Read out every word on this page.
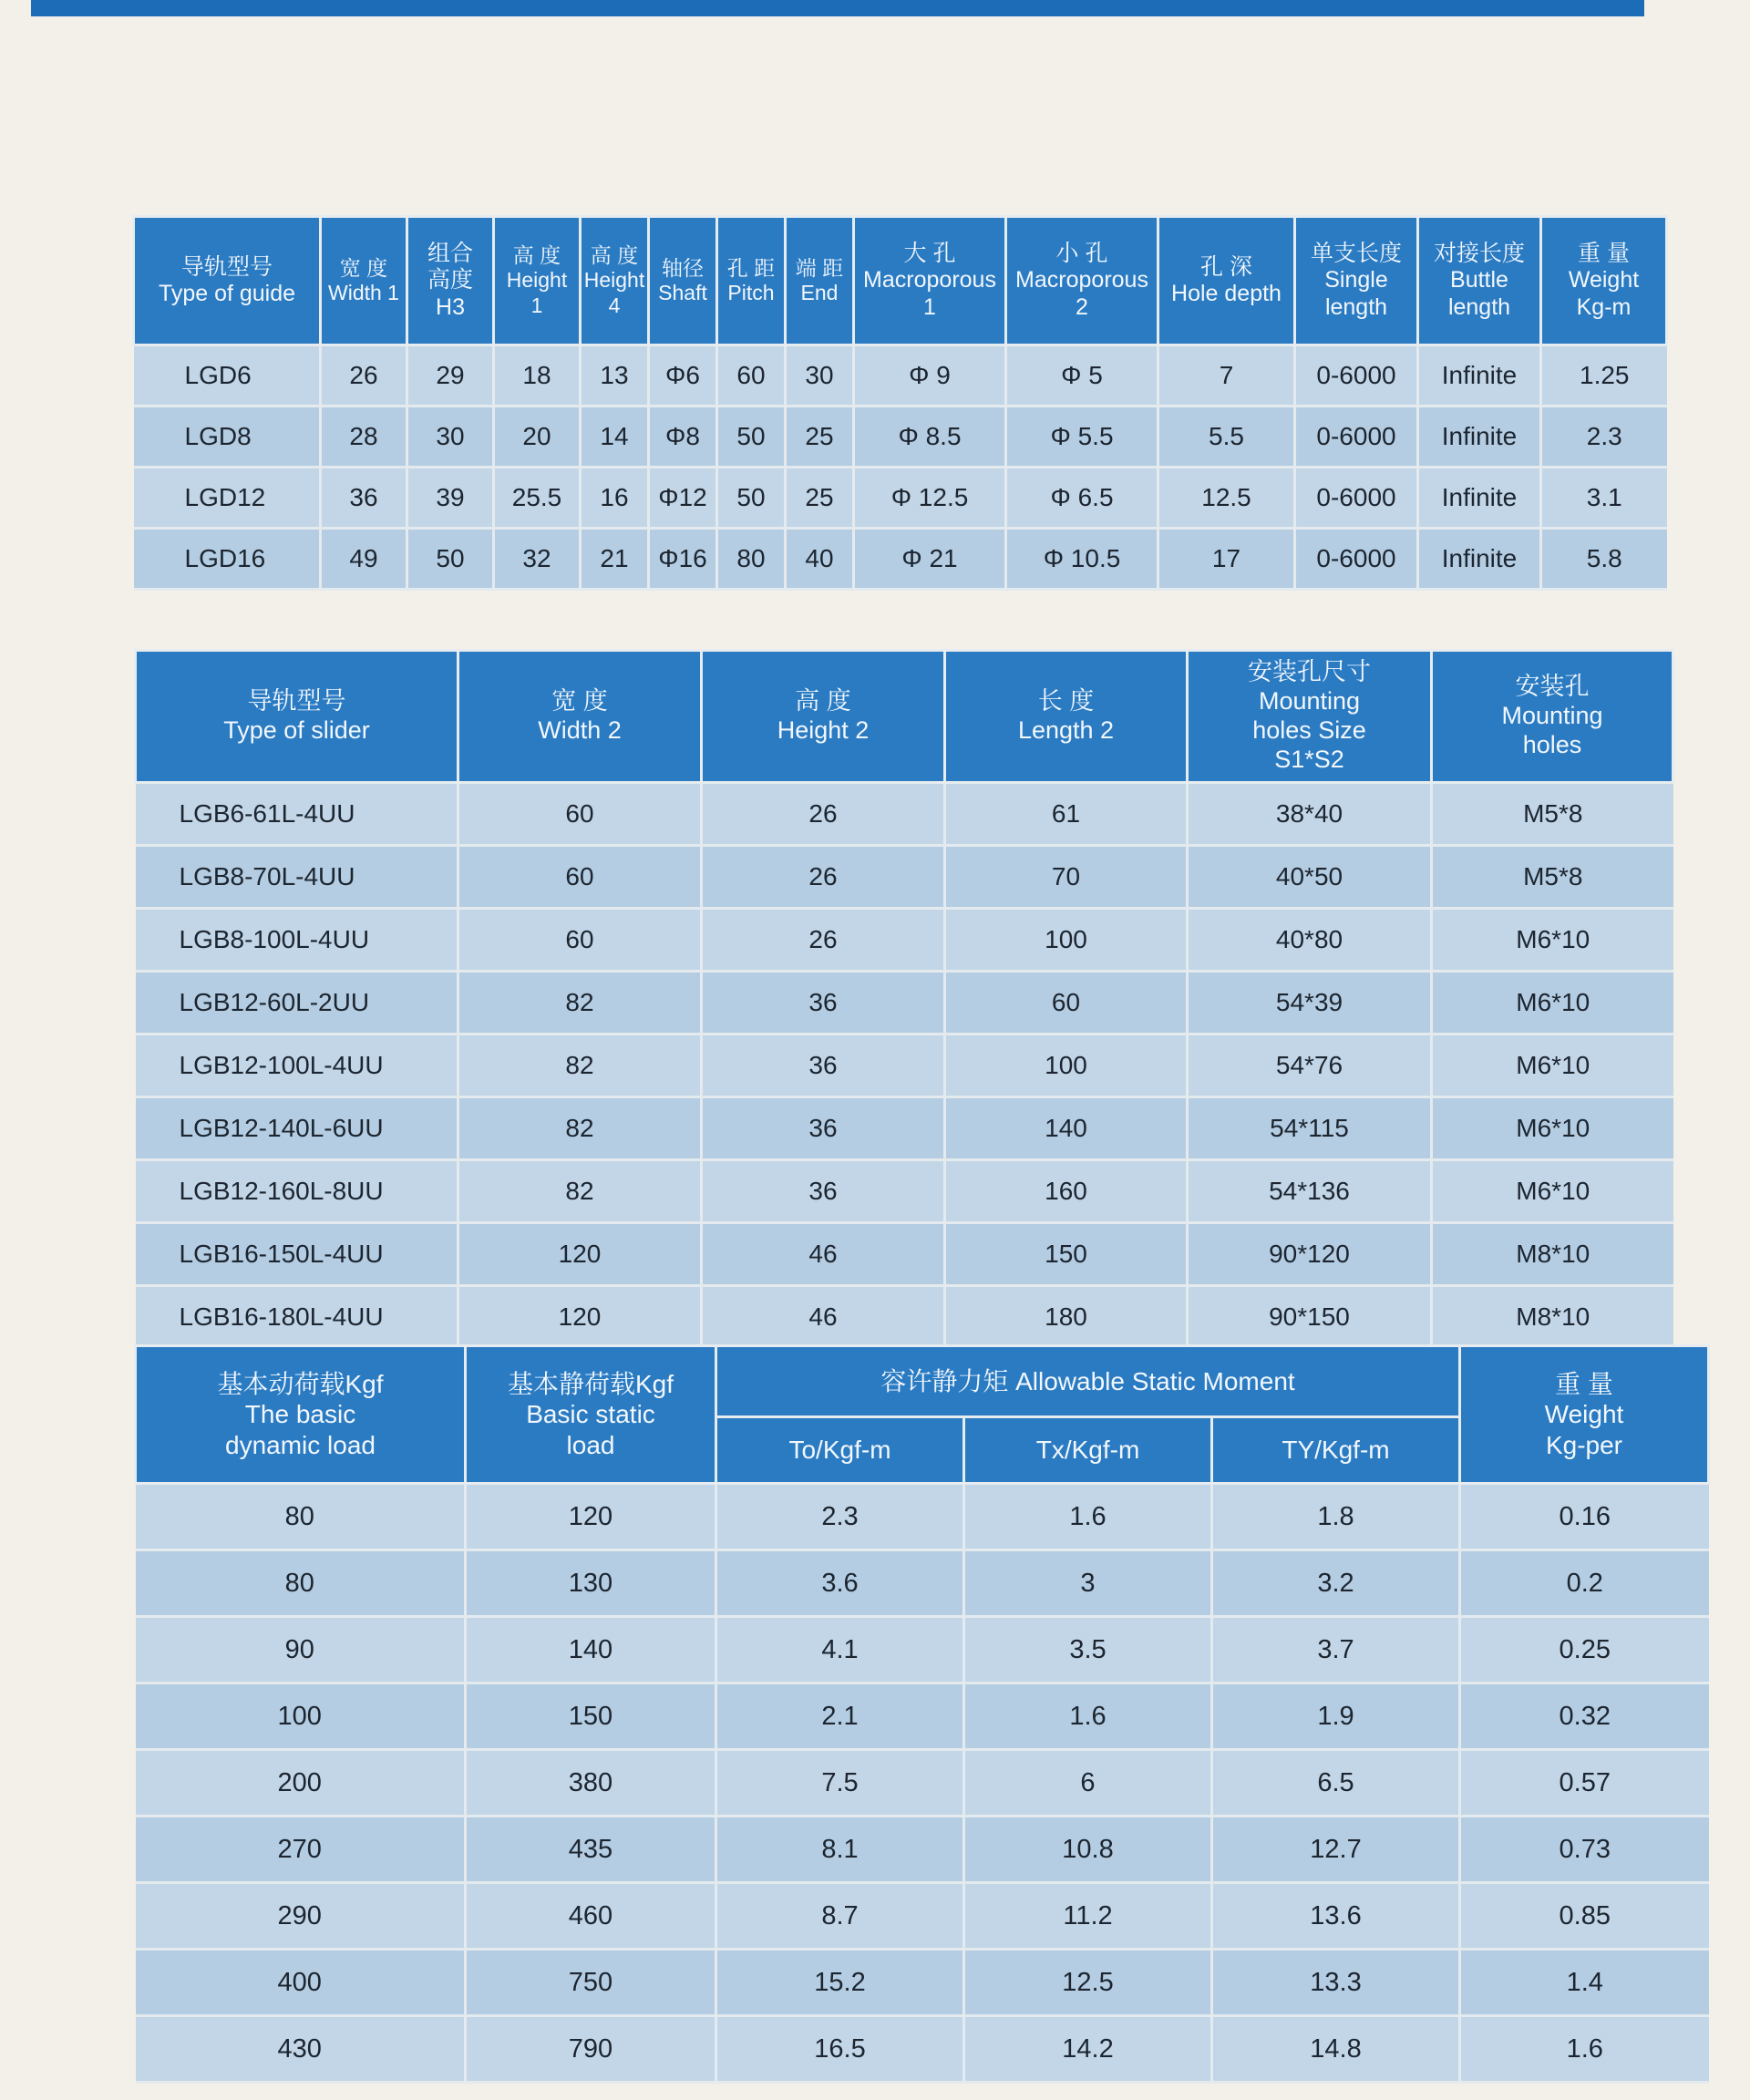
导轨型号
Type of guide	宽 度
Width 1	组合
高度
H3	高 度
Height
1	高 度
Height
4	轴径
Shaft	孔 距
Pitch	端 距
End	大 孔
Macroporous
1	小 孔
Macroporous
2	孔 深
Hole depth	单支长度
Single
length	对接长度
Buttle
length	重 量
Weight
Kg-m

LGD6	26	29	18	13	Φ6	60	30	Φ 9	Φ 5	7	0-6000	Infinite	1.25
LGD8	28	30	20	14	Φ8	50	25	Φ 8.5	Φ 5.5	5.5	0-6000	Infinite	2.3
LGD12	36	39	25.5	16	Φ12	50	25	Φ 12.5	Φ 6.5	12.5	0-6000	Infinite	3.1
LGD16	49	50	32	21	Φ16	80	40	Φ 21	Φ 10.5	17	0-6000	Infinite	5.8
导轨型号
Type of slider	宽 度
Width 2	高 度
Height 2	长 度
Length 2	安装孔尺寸
Mounting
holes Size
S1*S2	安装孔
Mounting
holes

LGB6-61L-4UU	60	26	61	38*40	M5*8
LGB8-70L-4UU	60	26	70	40*50	M5*8
LGB8-100L-4UU	60	26	100	40*80	M6*10
LGB12-60L-2UU	82	36	60	54*39	M6*10
LGB12-100L-4UU	82	36	100	54*76	M6*10
LGB12-140L-6UU	82	36	140	54*115	M6*10
LGB12-160L-8UU	82	36	160	54*136	M6*10
LGB16-150L-4UU	120	46	150	90*120	M8*10
LGB16-180L-4UU	120	46	180	90*150	M8*10
基本动荷载Kgf
The basic
dynamic load	基本静荷载Kgf
Basic static
load	容许静力矩 Allowable Static Moment			重 量
Weight
Kg-per
		To/Kgf-m	Tx/Kgf-m	TY/Kgf-m	
80	120	2.3	1.6	1.8	0.16
80	130	3.6	3	3.2	0.2
90	140	4.1	3.5	3.7	0.25
100	150	2.1	1.6	1.9	0.32
200	380	7.5	6	6.5	0.57
270	435	8.1	10.8	12.7	0.73
290	460	8.7	11.2	13.6	0.85
400	750	15.2	12.5	13.3	1.4
430	790	16.5	14.2	14.8	1.6
